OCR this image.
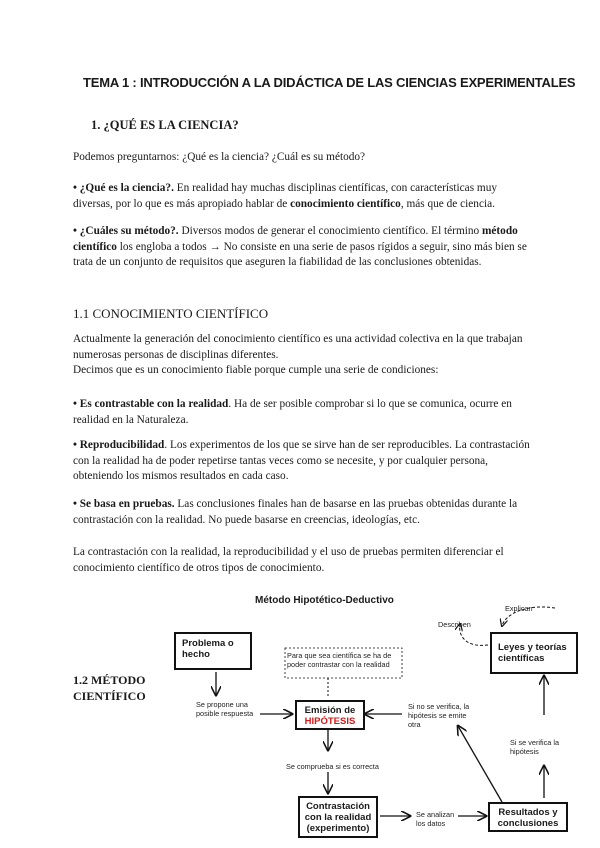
TEMA 1 : INTRODUCCIÓN A LA DIDÁCTICA DE LAS CIENCIAS EXPERIMENTALES
1. ¿QUÉ ES LA CIENCIA?
Podemos preguntarnos: ¿Qué es la ciencia? ¿Cuál es su método?
• ¿Qué es la ciencia?. En realidad hay muchas disciplinas científicas, con características muy diversas, por lo que es más apropiado hablar de conocimiento científico, más que de ciencia.
• ¿Cuáles su método?. Diversos modos de generar el conocimiento científico. El término método científico los engloba a todos → No consiste en una serie de pasos rígidos a seguir, sino más bien se trata de un conjunto de requisitos que aseguren la fiabilidad de las conclusiones obtenidas.
1.1 CONOCIMIENTO CIENTÍFICO
Actualmente la generación del conocimiento científico es una actividad colectiva en la que trabajan numerosas personas de disciplinas diferentes.
Decimos que es un conocimiento fiable porque cumple una serie de condiciones:
• Es contrastable con la realidad. Ha de ser posible comprobar si lo que se comunica, ocurre en realidad en la Naturaleza.
• Reproducibilidad. Los experimentos de los que se sirve han de ser reproducibles. La contrastación con la realidad ha de poder repetirse tantas veces como se necesite, y por cualquier persona, obteniendo los mismos resultados en cada caso.
• Se basa en pruebas. Las conclusiones finales han de basarse en las pruebas obtenidas durante la contrastación con la realidad. No puede basarse en creencias, ideologías, etc.
La contrastación con la realidad, la reproducibilidad y el uso de pruebas permiten diferenciar el conocimiento científico de otros tipos de conocimiento.
1.2 MÉTODO CIENTÍFICO
Método Hipotético-Deductivo
Problema o hecho
Emisión de
HIPÓTESIS
Contrastación con la realidad (experimento)
Resultados y conclusiones
Leyes y teorías científicas
Se propone una posible respuesta
Para que sea científica se ha de poder contrastar con la realidad
Se comprueba si es correcta
Se analizan los datos
Si se verifica la hipótesis
Si no se verifica, la hipótesis se emite otra
Describen
Explican
